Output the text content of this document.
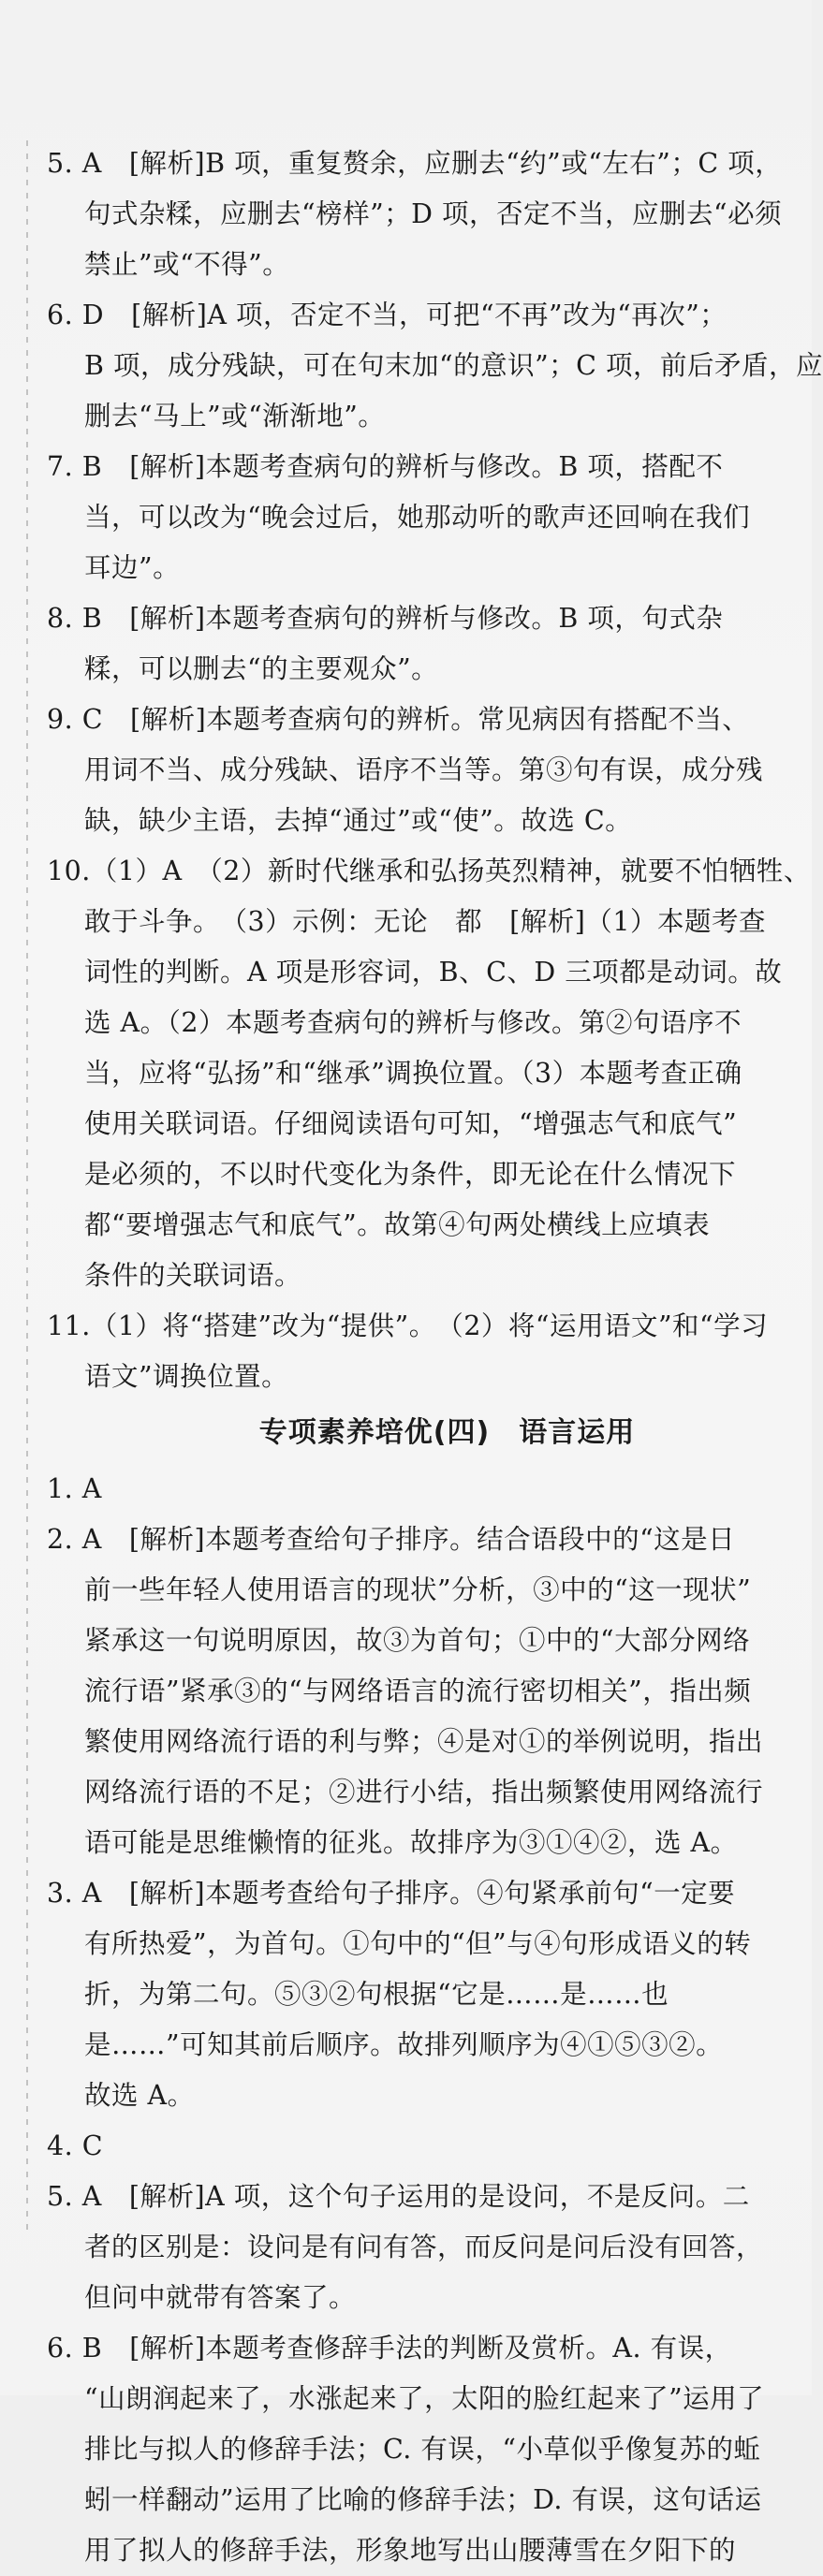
5. A　[解析]B 项，重复赘余，应删去“约”或“左右”；C 项，
句式杂糅，应删去“榜样”；D 项，否定不当，应删去“必须
禁止”或“不得”。
6. D　[解析]A 项，否定不当，可把“不再”改为“再次”；
B 项，成分残缺，可在句末加“的意识”；C 项，前后矛盾，应
删去“马上”或“渐渐地”。
7. B　[解析]本题考查病句的辨析与修改。B 项，搭配不
当，可以改为“晚会过后，她那动听的歌声还回响在我们
耳边”。
8. B　[解析]本题考查病句的辨析与修改。B 项，句式杂
糅，可以删去“的主要观众”。
9. C　[解析]本题考查病句的辨析。常见病因有搭配不当、
用词不当、成分残缺、语序不当等。第③句有误，成分残
缺，缺少主语，去掉“通过”或“使”。故选 C。
10.（1）A　（2）新时代继承和弘扬英烈精神，就要不怕牺牲、
敢于斗争。　（3）示例：无论　都　[解析]（1）本题考查
词性的判断。A 项是形容词，B、C、D 三项都是动词。故
选 A。（2）本题考查病句的辨析与修改。第②句语序不
当，应将“弘扬”和“继承”调换位置。（3）本题考查正确
使用关联词语。仔细阅读语句可知，“增强志气和底气”
是必须的，不以时代变化为条件，即无论在什么情况下
都“要增强志气和底气”。故第④句两处横线上应填表
条件的关联词语。
11.（1）将“搭建”改为“提供”。　（2）将“运用语文”和“学习
语文”调换位置。
专项素养培优(四)　语言运用
1. A
2. A　[解析]本题考查给句子排序。结合语段中的“这是日
前一些年轻人使用语言的现状”分析，③中的“这一现状”
紧承这一句说明原因，故③为首句；①中的“大部分网络
流行语”紧承③的“与网络语言的流行密切相关”，指出频
繁使用网络流行语的利与弊；④是对①的举例说明，指出
网络流行语的不足；②进行小结，指出频繁使用网络流行
语可能是思维懒惰的征兆。故排序为③①④②，选 A。
3. A　[解析]本题考查给句子排序。④句紧承前句“一定要
有所热爱”，为首句。①句中的“但”与④句形成语义的转
折，为第二句。⑤③②句根据“它是……是……也
是……”可知其前后顺序。故排列顺序为④①⑤③②。
故选 A。
4. C
5. A　[解析]A 项，这个句子运用的是设问，不是反问。二
者的区别是：设问是有问有答，而反问是问后没有回答，
但问中就带有答案了。
6. B　[解析]本题考查修辞手法的判断及赏析。A. 有误，
“山朗润起来了，水涨起来了，太阳的脸红起来了”运用了
排比与拟人的修辞手法；C. 有误，“小草似乎像复苏的蚯
蚓一样翻动”运用了比喻的修辞手法；D. 有误，这句话运
用了拟人的修辞手法，形象地写出山腰薄雪在夕阳下的
